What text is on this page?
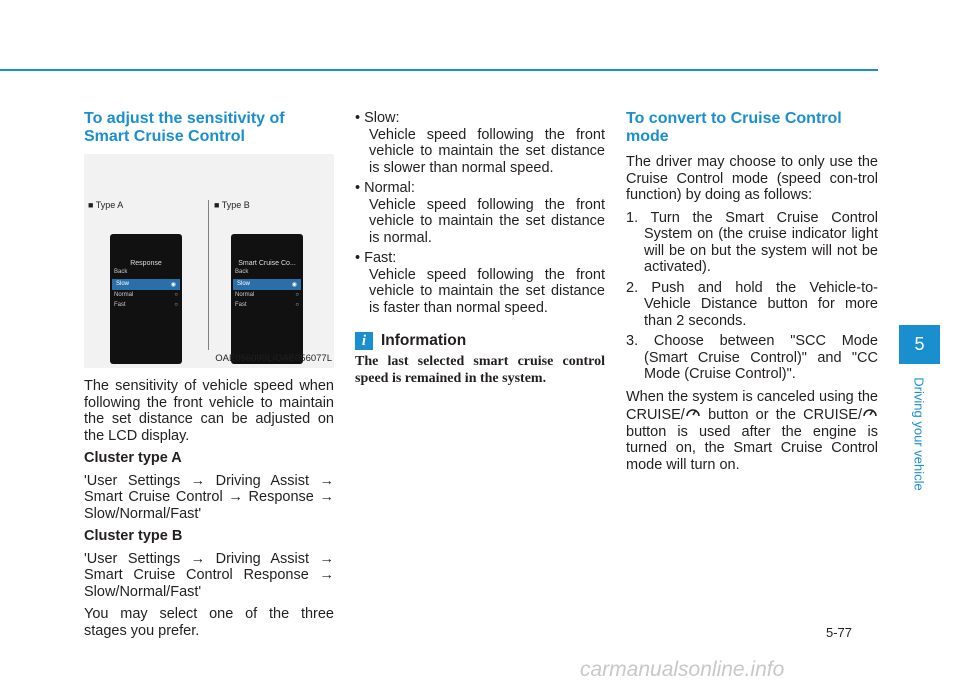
To adjust the sensitivity of Smart Cruise Control
■ Type A	■ Type B
Response
Back
Slow	◉
Normal	○
Fast	○
Smart Cruise Co...
Back
Slow	◉
Normal	○
Fast	○
OAE056099L/OAE056077L

The sensitivity of vehicle speed when following the front vehicle to maintain the set distance can be adjusted on the LCD display.

Cluster type A

'User Settings → Driving Assist → Smart Cruise Control → Response → Slow/Normal/Fast'

Cluster type B

'User Settings → Driving Assist → Smart Cruise Control Response → Slow/Normal/Fast'

You may select one of the three stages you prefer.

• Slow:

Vehicle speed following the front vehicle to maintain the set distance is slower than normal speed.

• Normal:

Vehicle speed following the front vehicle to maintain the set distance is normal.

• Fast:

Vehicle speed following the front vehicle to maintain the set distance is faster than normal speed.

i Information

The last selected smart cruise control speed is remained in the system.

To convert to Cruise Control mode

The driver may choose to only use the Cruise Control mode (speed con-trol function) by doing as follows:

1. Turn the Smart Cruise Control System on (the cruise indicator light will be on but the system will not be activated).
2. Push and hold the Vehicle-to-Vehicle Distance button for more than 2 seconds.
3. Choose between "SCC Mode (Smart Cruise Control)" and "CC Mode (Cruise Control)".

When the system is canceled using the CRUISE/ button or the CRUISE/ button is used after the engine is turned on, the Smart Cruise Control mode will turn on.

5
Driving your vehicle
5-77
carmanualsonline.info
